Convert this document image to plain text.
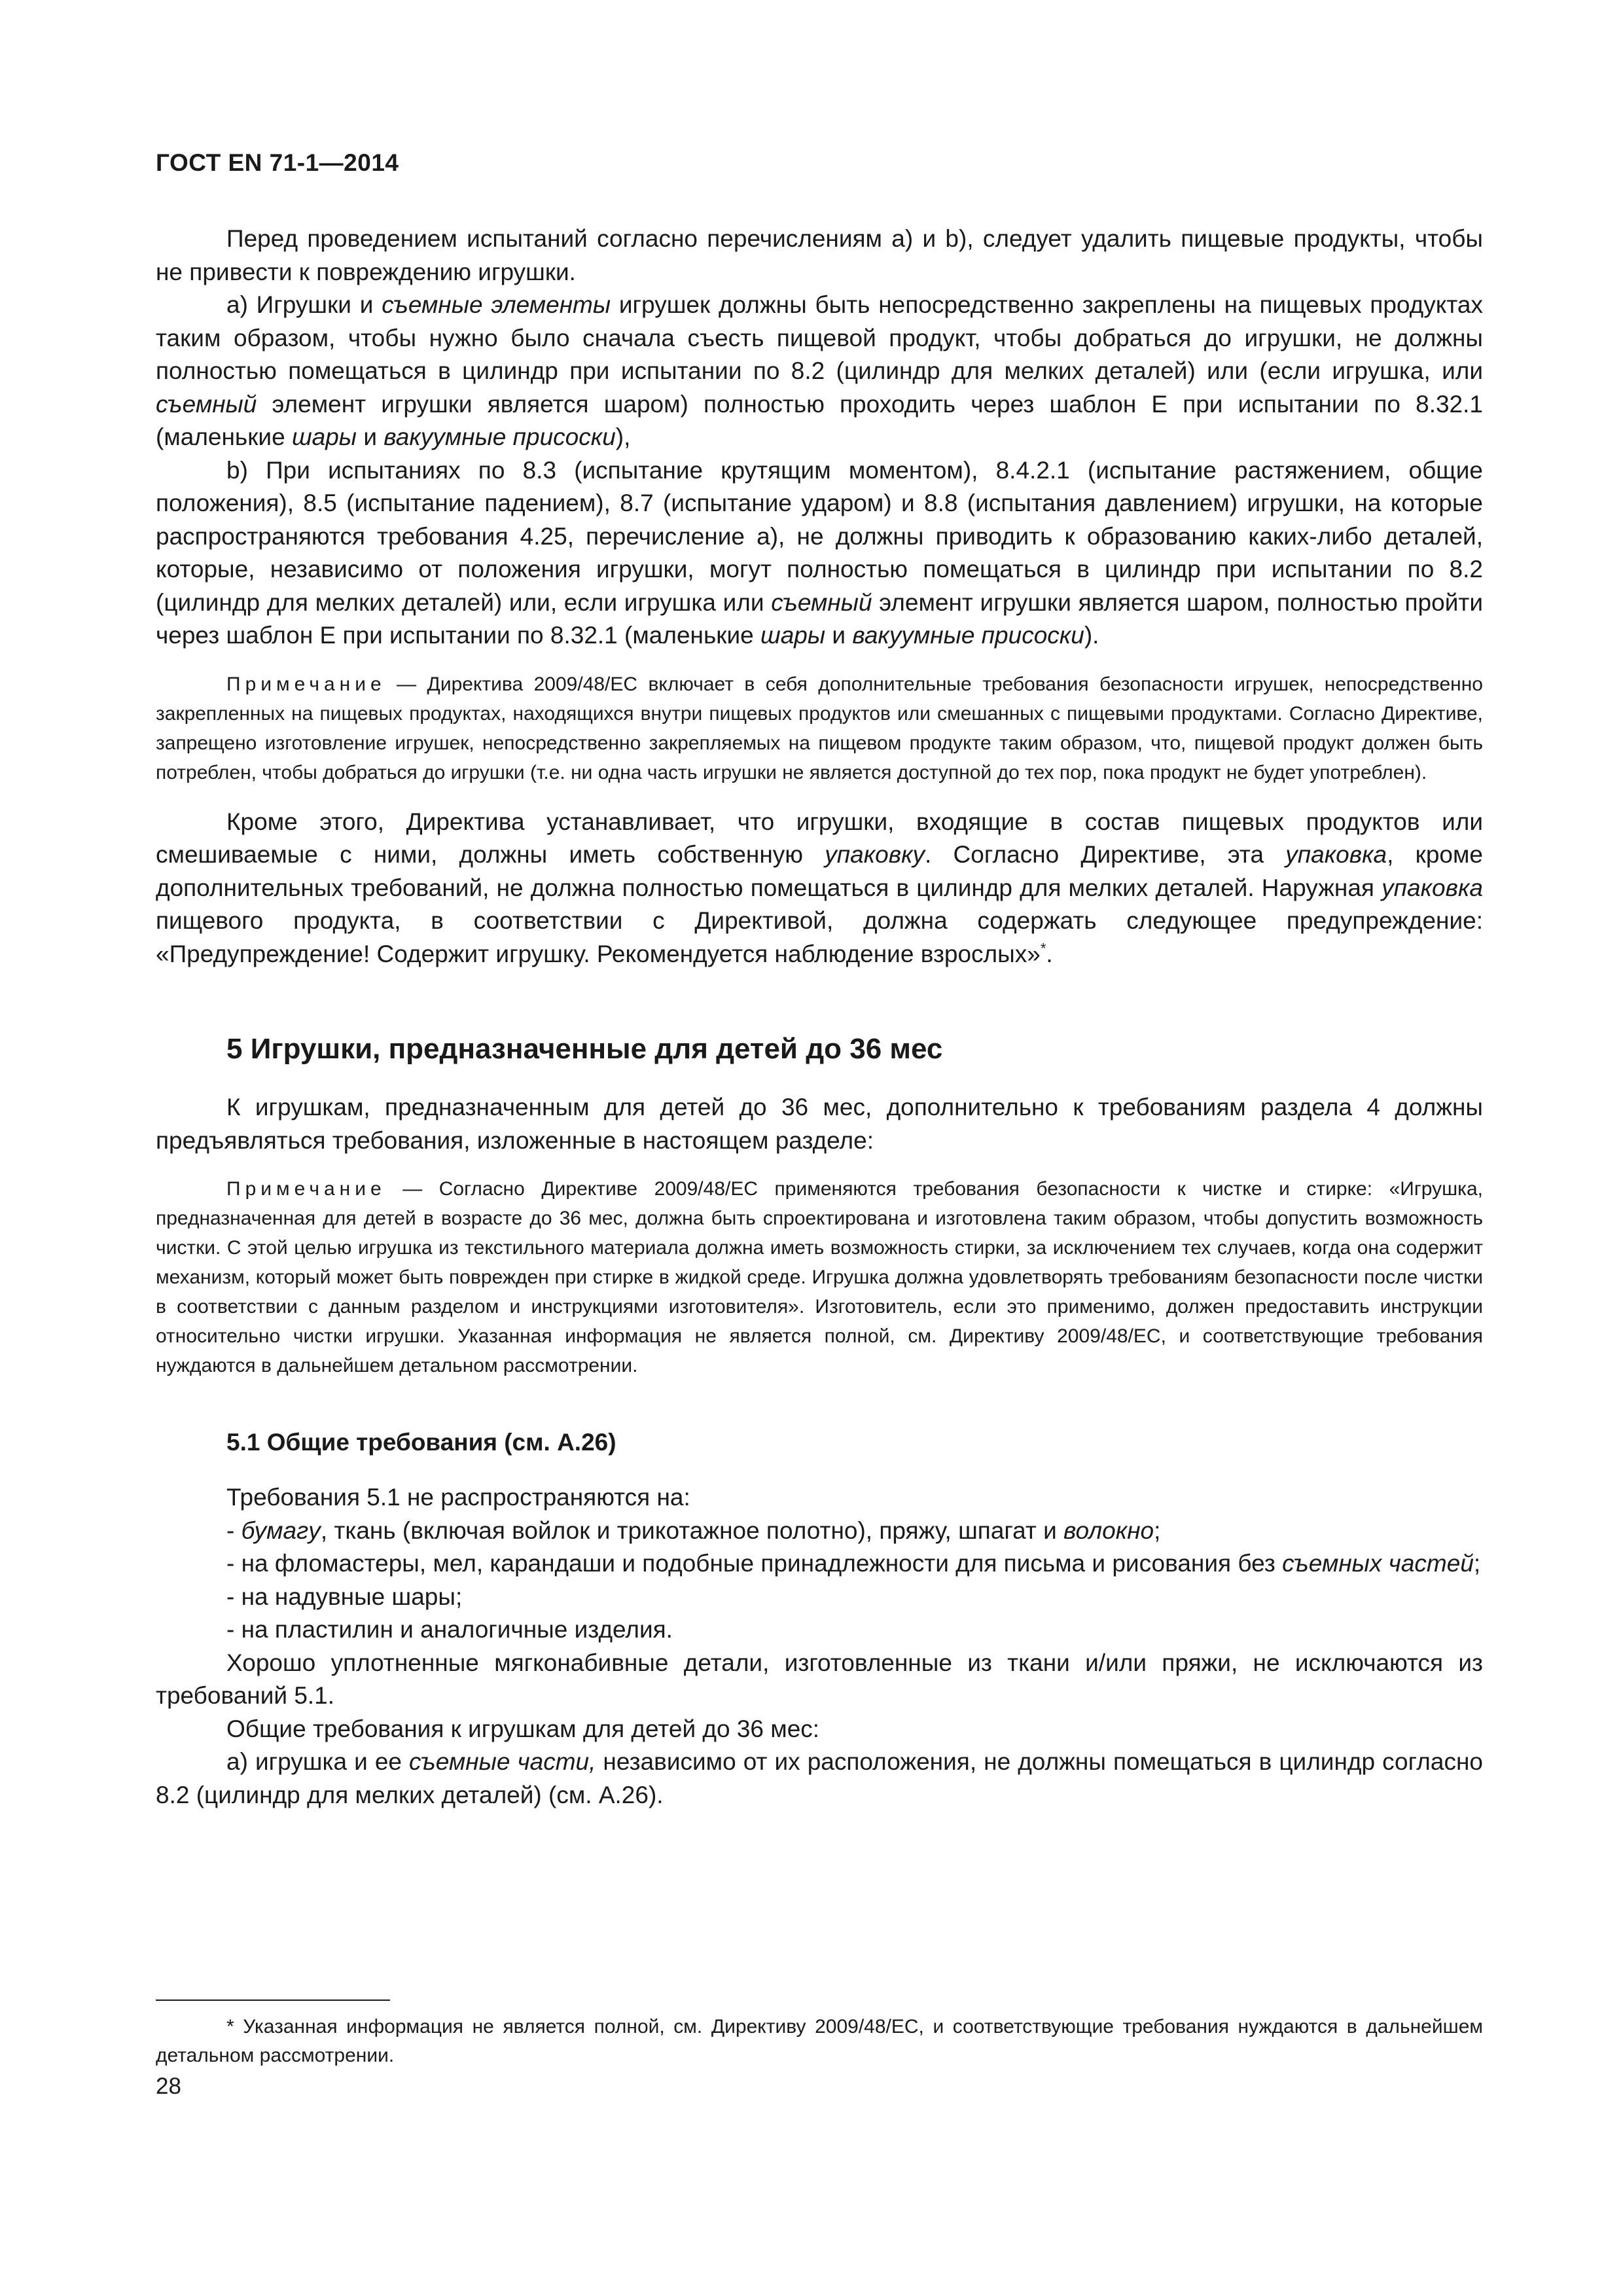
ГОСТ EN 71-1—2014

Перед проведением испытаний согласно перечислениям a) и b), следует удалить пищевые продукты, чтобы не привести к повреждению игрушки.

а) Игрушки и съемные элементы игрушек должны быть непосредственно закреплены на пищевых продуктах таким образом, чтобы нужно было сначала съесть пищевой продукт, чтобы добраться до игрушки, не должны полностью помещаться в цилиндр при испытании по 8.2 (цилиндр для мелких деталей) или (если игрушка, или съемный элемент игрушки является шаром) полностью проходить через шаблон Е при испытании по 8.32.1 (маленькие шары и вакуумные присоски),

b) При испытаниях по 8.3 (испытание крутящим моментом), 8.4.2.1 (испытание растяжением, общие положения), 8.5 (испытание падением), 8.7 (испытание ударом) и 8.8 (испытания давлением) игрушки, на которые распространяются требования 4.25, перечисление а), не должны приводить к образованию каких-либо деталей, которые, независимо от положения игрушки, могут полностью помещаться в цилиндр при испытании по 8.2 (цилиндр для мелких деталей) или, если игрушка или съемный элемент игрушки является шаром, полностью пройти через шаблон Е при испытании по 8.32.1 (маленькие шары и вакуумные присоски).

Примечание — Директива 2009/48/ЕС включает в себя дополнительные требования безопасности игрушек, непосредственно закрепленных на пищевых продуктах, находящихся внутри пищевых продуктов или смешанных с пищевыми продуктами. Согласно Директиве, запрещено изготовление игрушек, непосредственно закрепляемых на пищевом продукте таким образом, что, пищевой продукт должен быть потреблен, чтобы добраться до игрушки (т.е. ни одна часть игрушки не является доступной до тех пор, пока продукт не будет употреблен).

Кроме этого, Директива устанавливает, что игрушки, входящие в состав пищевых продуктов или смешиваемые с ними, должны иметь собственную упаковку. Согласно Директиве, эта упаковка, кроме дополнительных требований, не должна полностью помещаться в цилиндр для мелких деталей. Наружная упаковка пищевого продукта, в соответствии с Директивой, должна содержать следующее предупреждение: «Предупреждение! Содержит игрушку. Рекомендуется наблюдение взрослых»*.

5 Игрушки, предназначенные для детей до 36 мес

К игрушкам, предназначенным для детей до 36 мес, дополнительно к требованиям раздела 4 должны предъявляться требования, изложенные в настоящем разделе:

Примечание — Согласно Директиве 2009/48/ЕС применяются требования безопасности к чистке и стирке: «Игрушка, предназначенная для детей в возрасте до 36 мес, должна быть спроектирована и изготовлена таким образом, чтобы допустить возможность чистки. С этой целью игрушка из текстильного материала должна иметь возможность стирки, за исключением тех случаев, когда она содержит механизм, который может быть поврежден при стирке в жидкой среде. Игрушка должна удовлетворять требованиям безопасности после чистки в соответствии с данным разделом и инструкциями изготовителя». Изготовитель, если это применимо, должен предоставить инструкции относительно чистки игрушки. Указанная информация не является полной, см. Директиву 2009/48/ЕС, и соответствующие требования нуждаются в дальнейшем детальном рассмотрении.
5.1 Общие требования (см. А.26)

Требования 5.1 не распространяются на:

- бумагу, ткань (включая войлок и трикотажное полотно), пряжу, шпагат и волокно;

- на фломастеры, мел, карандаши и подобные принадлежности для письма и рисования без съемных частей;

- на надувные шары;

- на пластилин и аналогичные изделия.

Хорошо уплотненные мягконабивные детали, изготовленные из ткани и/или пряжи, не исключаются из требований 5.1.

Общие требования к игрушкам для детей до 36 мес:

а) игрушка и ее съемные части, независимо от их расположения, не должны помещаться в цилиндр согласно 8.2 (цилиндр для мелких деталей) (см. А.26).

* Указанная информация не является полной, см. Директиву 2009/48/ЕС, и соответствующие требования нуждаются в дальнейшем детальном рассмотрении.
28
